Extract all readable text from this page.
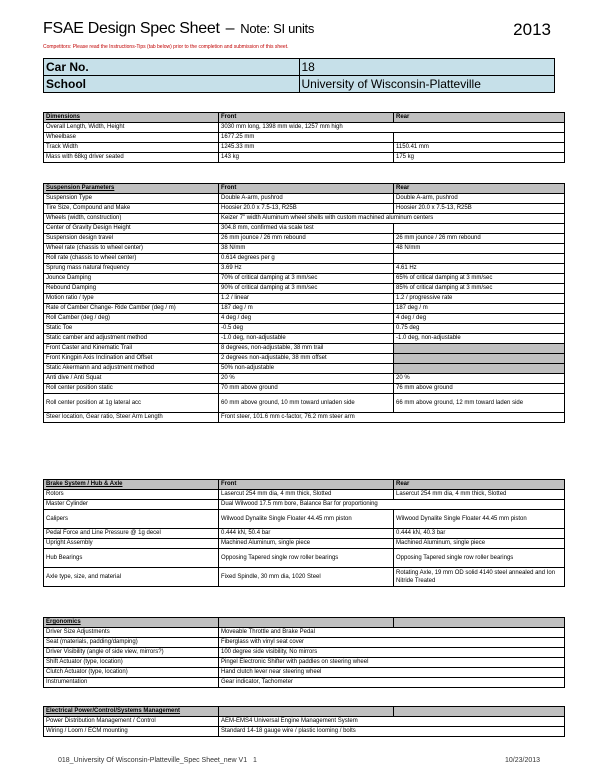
FSAE Design Spec Sheet – Note: SI units	2013
Competitors: Please read the Instructions-Tips (tab below) prior to the completion and submission of this sheet.
Car No.	18
School	University of Wisconsin-Platteville
Dimensions	Front	Rear
Overall Length, Width, Height	3030 mm long, 1398 mm wide, 1257 mm high	
Wheelbase	1677.25 mm	
Track Width	1245.33 mm	1150.41 mm
Mass with 68kg driver seated	143 kg	175 kg
Suspension Parameters	Front	Rear
Suspension Type	Double A-arm, pushrod	Double A-arm, pushrod
Tire Size, Compound and Make	Hoosier 20.0 x 7.5-13, R25B	Hoosier 20.0 x 7.5-13, R25B
Wheels (width, construction)	Keizer 7" width Aluminum wheel shells with custom machined aluminum centers	
Center of Gravity Design Height	304.8 mm, confirmed via scale test	
Suspension design travel	26 mm jounce / 26 mm rebound	26 mm jounce / 26 mm rebound
Wheel rate (chassis to wheel center)	38 N/mm	48 N/mm
Roll rate (chassis to wheel center)	0.614 degrees per g	
Sprung mass natural frequency	3.69 Hz	4.61 Hz
Jounce Damping	70% of critical damping at 3 mm/sec	65% of critical damping at 3 mm/sec
Rebound Damping	90% of critical damping at 3 mm/sec	85% of critical damping at 3 mm/sec
Motion ratio / type	1.2 / linear	1.2 / progressive rate
Rate of Camber Change- Ride Camber (deg / m)	187 deg / m	187 deg / m
Roll Camber (deg / deg)	4 deg / deg	4 deg / deg
Static Toe	-0.5 deg	0.75 deg
Static camber and adjustment method	-1.0 deg, non-adjustable	-1.0 deg, non-adjustable
Front Caster and Kinematic Trail	8 degrees, non-adjustable, 38 mm trail	
Front Kingpin Axis Inclination and Offset	2 degrees non-adjustable, 38 mm offset	
Static Akermann and adjustment method	50% non-adjustable	
Anti dive / Anti Squat	20 %	20 %
Roll center position static	70 mm above ground	76 mm above ground
Roll center position at 1g lateral acc	60 mm above ground, 10 mm toward unladen side	66 mm above ground, 12 mm toward laden side
Steer location, Gear ratio, Steer Arm Length	Front steer, 101.6 mm c-factor, 76.2 mm steer arm	
Brake System / Hub & Axle	Front	Rear
Rotors	Lasercut 254 mm dia, 4 mm thick, Slotted	Lasercut 254 mm dia, 4 mm thick, Slotted
Master Cylinder	Dual Wilwood 17.5 mm bore, Balance Bar for proportioning	
Calipers	Wilwood Dynalite Single Floater 44.45 mm piston	Wilwood Dynalite Single Floater 44.45 mm piston
Pedal Force and Line Pressure @ 1g decel	0.444 kN, 50.4 bar	0.444 kN, 40.3 bar
Upright Assembly	Machined Aluminum, single piece	Machined Aluminum, single piece
Hub Bearings	Opposing Tapered single row roller bearings	Opposing Tapered single row roller bearings
Axle type, size, and material	Fixed Spindle, 30 mm dia, 1020 Steel	Rotating Axle, 19 mm OD solid 4140 steel annealed and Ion Nitride Treated
Ergonomics		
Driver Size Adjustments	Moveable Throttle and Brake Pedal	
Seat (materials, padding/damping)	Fiberglass with vinyl seat cover	
Driver Visibility (angle of side view, mirrors?)	100 degree side visibility, No mirrors	
Shift Actuator (type, location)	Pingel Electronic Shifter with paddles on steering wheel	
Clutch Actuator (type, location)	Hand clutch lever near steering wheel	
Instrumentation	Gear indicator, Tachometer	
Electrical Power/Control/Systems Management		
Power Distribution Management / Control	AEM-EMS4 Universal Engine Management System	
Wiring / Loom / ECM mounting	Standard 14-18 gauge wire / plastic looming / bolts	
018_University Of Wisconsin-Platteville_Spec Sheet_new V1 1	10/23/2013
